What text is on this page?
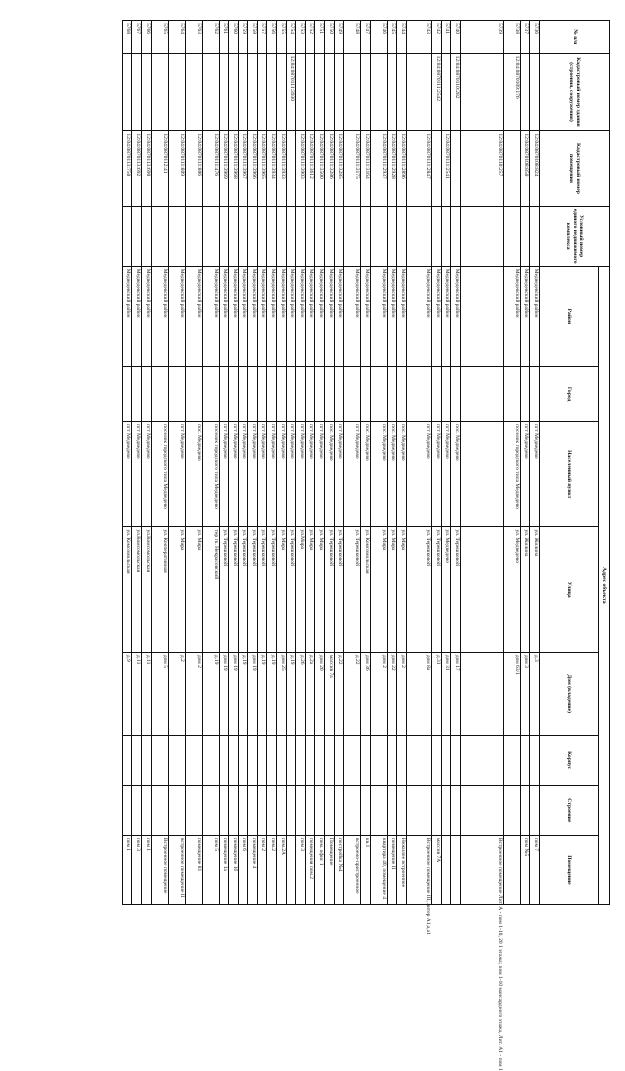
№ п/п	Кадастровый номер здания (строения, сооружения)	Кадастровый номер помещения	Условный номер единого недвижимого комплекса	Адрес объекта							
				Район	Город	Населенный пункт	Улица	Дом (владение)	Корпус	Строение	Помещение
5736		12:04:0870108:824		Медведевский район		пгт Медведево	ул. Жилина	д.3			пом 7
5737		12:04:0870108:850		Медведевский район		пгт Медведево	ул. Жилина	дом 3			пом №5
5738	12:04:0870109:176			Медведевский район		поселок городского типа Медведево	ул. Медведево	дом 63/1			
5739		12:04:0870110:257									Встроенное помещение Лит. А - пом 1-10, 20 1 этажа; пом 1-10 мансардного этажа, Лит. А1 - пом 1
5740	12:04:0870110:282			Медведевский район		пос. Медведево	ул. Терешковой	дом 17			
5741		12:04:0870111:2541		Медведевский район		пгт Медведево	ул. Медведево	дом 31			
5742	12:04:0870111:2542			Медведевский район		пгт Медведево	ул. Терешковой	д.31			массив 7А
5743		12:04:0870111:2847		Медведевский район		пгт Медведево	ул. Терешковой	дом 8а			Встроенное помещение III, литер А1,а,а1
5744		12:04:0870111:2896		Медведевский район		пос. Медведево	ул. Мира	дом 2			Нежилое встроенное
5745		12:04:0870111:2928		Медведевский район		пос. Медведево	ул. Мира	дом 22			помещение II
5746		12:04:0870111:2937		Медведевский район		пос. Медведево	ул. Мира	дом 2			квартира 40, помещение 4
5747		12:04:0870111:3164		Медведевский район		пос. Медведево	ул. Комсомольская	дом 36			кв.1
5748		12:04:0870111:3175		Медведевский район		пгт Медведево	ул. Терешковой	д.22			встроено-пристроенное
5749		12:04:0870111:3285		Медведевский район		пгт Медведево	ул. Терешковой	д.22			постройка №4
5750		12:04:0870111:3286		Медведевский район		пос. Медведево	ул. Терешковой	массив 7а			Помещение
5751		12:04:0870111:3500		Медведевский район		пгт Медведево	ул. Мира	дом 20			пом. офис 1
5752		12:04:0870111:3612		Медведевский район		пгт Медведево	ул. Мира	д.2а			помещения пом.2
5753		12:04:0870111:3903		Медведевский район		пгт Медведево	ул.Мира	д.26			пом 3
5754	12:04:0870111:3930			Медведевский район		пгт Медведево	ул. Терешковой	д.19			
5755		12:04:0870111:3933		Медведевский район		пгт Медведево	ул. Мира	дом 25			пом.2А
5756		12:04:0870111:3934		Медведевский район		пгт Медведево	ул. Терешковой	д.19			пом.2
5757		12:04:0870111:3965		Медведевский район		пгт Медведево	ул. Терешковой	д.19			пом 2
5758		12:04:0870111:3966		Медведевский район		пгт Медведево	ул. Терешковой	дом 19			помещение 4
5759		12:04:0870111:3967		Медведевский район		пгт Медведево	ул. Терешковой	д.19			пом 6
5760		12:04:0870111:3968		Медведевский район		пгт Медведево	ул. Терешковой	дом 19			помещение 1б
5761		12:04:0870111:3969		Медведевский район		пгт Медведево	ул. Терешковой	дом 19			помещение 1а
5762		12:04:0870111:476		Медведевский район		поселок городского типа Медведево	тер гк. Некрасовский	д.19			пом 5
5763		12:04:0870111:806		Медведевский район		пос. Медведево	ул. Мира	дом 2			помещение 81
5764		12:04:0870111:809		Медведевский район		пгт Медведево	ул. Мира	д.2			встроенное помещение II
5765		12:04:0870112:41		Медведевский район		поселок городского типа Медведево	ул. Кооперативная	дом 5			Встроенное помещение
5766		12:04:0870113:690		Медведевский район		пгт Медведево	ул.Комсомольская	д.11			пом 1
5767		12:04:0870113:692		Медведевский район		пгт Медведево	ул.Комсомольская	д.11			пом 3
5768		12:04:0870113:750		Медведевский район		пгт Медведево	ул. Комсомольская	д.9			пом 1
